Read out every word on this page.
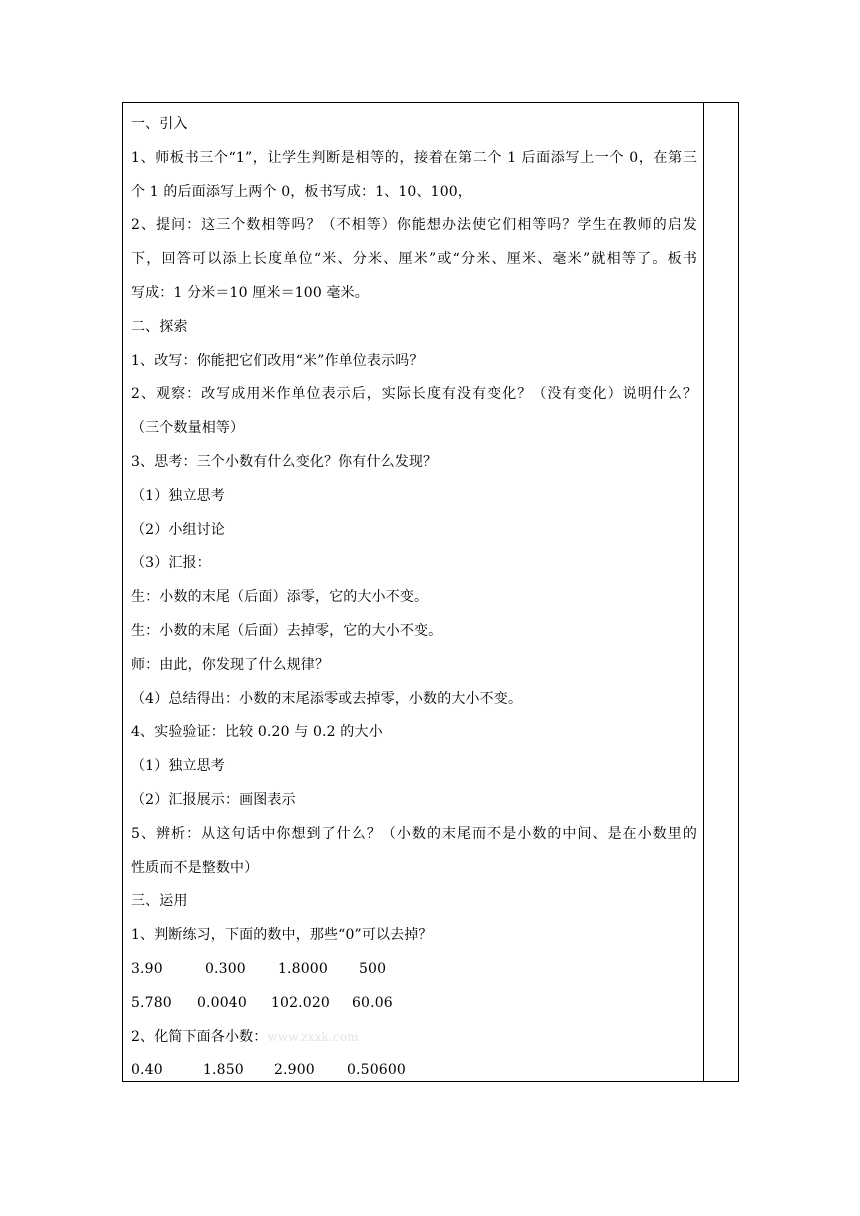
一、引入
1、师板书三个“1”，让学生判断是相等的，接着在第二个 1 后面添写上一个 0，在第三
个 1 的后面添写上两个 0，板书写成：1、10、100，
2、提问：这三个数相等吗？（不相等）你能想办法使它们相等吗？学生在教师的启发
下，回答可以添上长度单位“米、分米、厘米”或“分米、厘米、毫米”就相等了。板书
写成：1 分米＝10 厘米＝100 毫米。
二、探索
1、改写：你能把它们改用“米”作单位表示吗？
2、观察：改写成用米作单位表示后，实际长度有没有变化？（没有变化）说明什么？
（三个数量相等）
3、思考：三个小数有什么变化？你有什么发现？
（1）独立思考
（2）小组讨论
（3）汇报：
生：小数的末尾（后面）添零，它的大小不变。
生：小数的末尾（后面）去掉零，它的大小不变。
师：由此，你发现了什么规律？
（4）总结得出：小数的末尾添零或去掉零，小数的大小不变。
4、实验验证：比较 0.20 与 0.2 的大小
（1）独立思考
（2）汇报展示：画图表示
5、辨析：从这句话中你想到了什么？（小数的末尾而不是小数的中间、是在小数里的
性质而不是整数中）
三、运用
1、判断练习，下面的数中，那些“0”可以去掉？
3.90	0.300	1.8000	500
5.780	0.0040	102.020	60.06
2、化简下面各小数：www.zxxk.com
0.40	1.850	2.900	0.50600
